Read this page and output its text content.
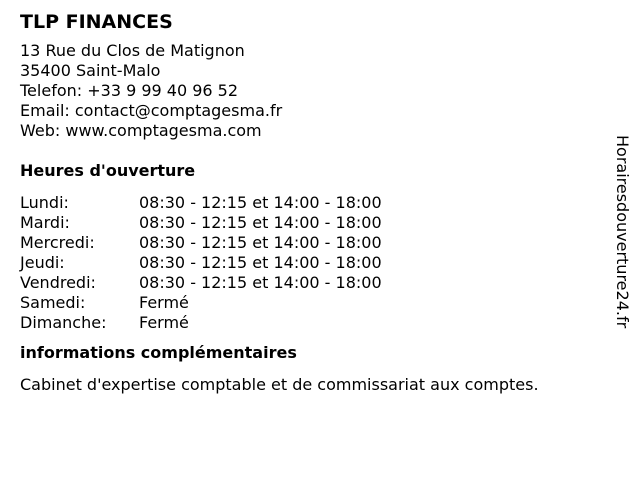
TLP FINANCES
13 Rue du Clos de Matignon
35400 Saint-Malo
Telefon: +33 9 99 40 96 52
Email: contact@comptagesma.fr
Web: www.comptagesma.com
Heures d'ouverture
Lundi:	08:30 - 12:15 et 14:00 - 18:00
Mardi:	08:30 - 12:15 et 14:00 - 18:00
Mercredi:	08:30 - 12:15 et 14:00 - 18:00
Jeudi:	08:30 - 12:15 et 14:00 - 18:00
Vendredi:	08:30 - 12:15 et 14:00 - 18:00
Samedi:	Fermé
Dimanche:	Fermé
informations complémentaires
Cabinet d'expertise comptable et de commissariat aux comptes.
Horairesdouverture24.fr
